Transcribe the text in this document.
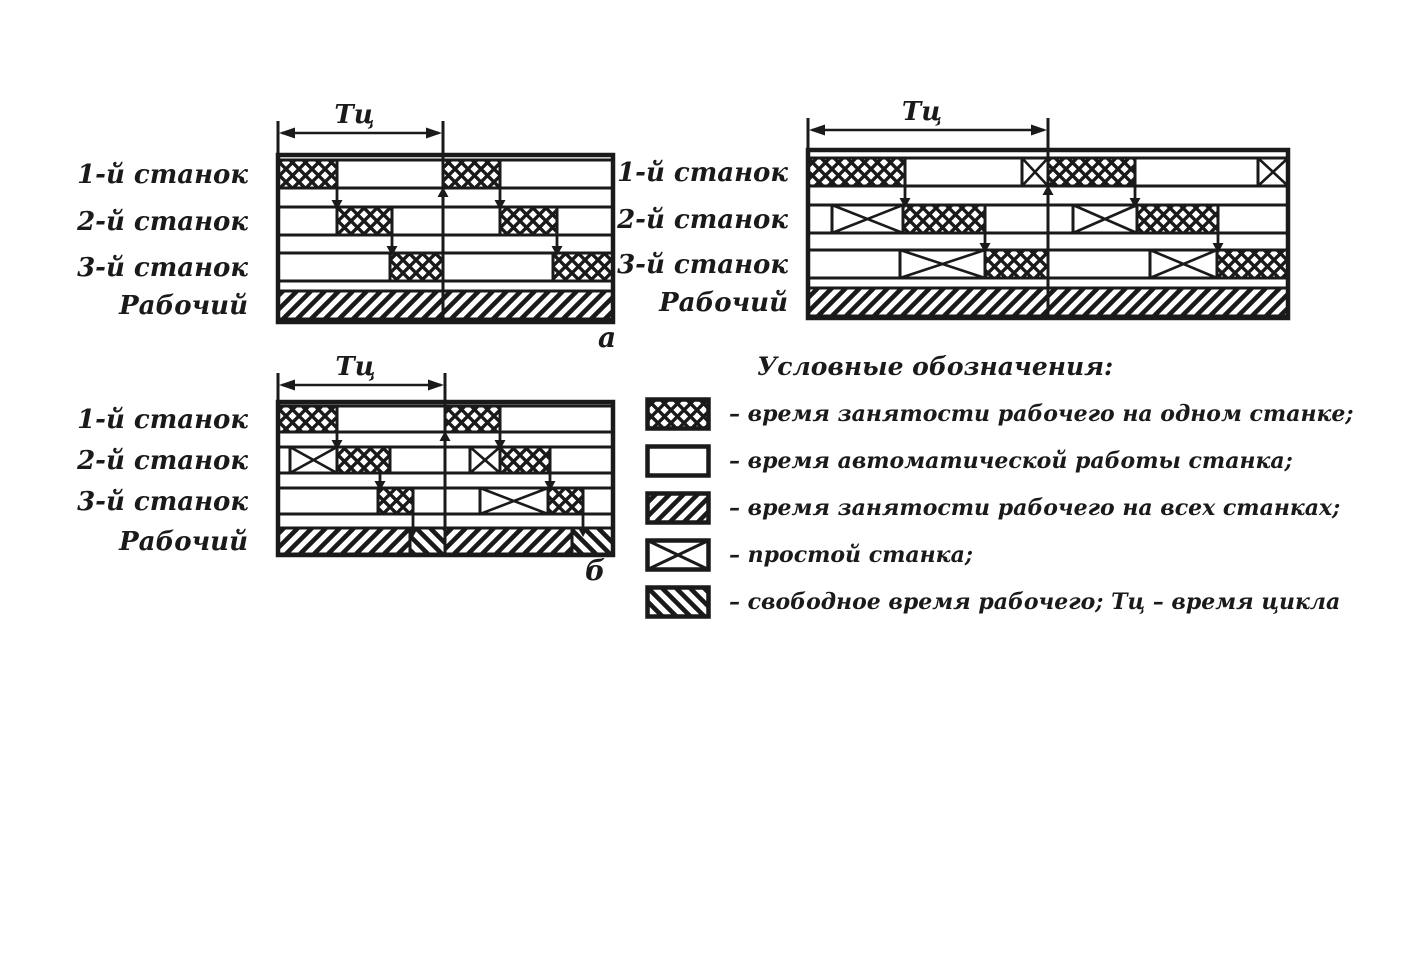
Тц
1-й станок
2-й станок
3-й станок
Рабочий
а
Тц
1-й станок
2-й станок
3-й станок
Рабочий
Тц
1-й станок
2-й станок
3-й станок
Рабочий
б
Условные обозначения:
– время занятости рабочего на одном станке;
– время автоматической работы станка;
– время занятости рабочего на всех станках;
– простой станка;
– свободное время рабочего; Тц – время цикла
